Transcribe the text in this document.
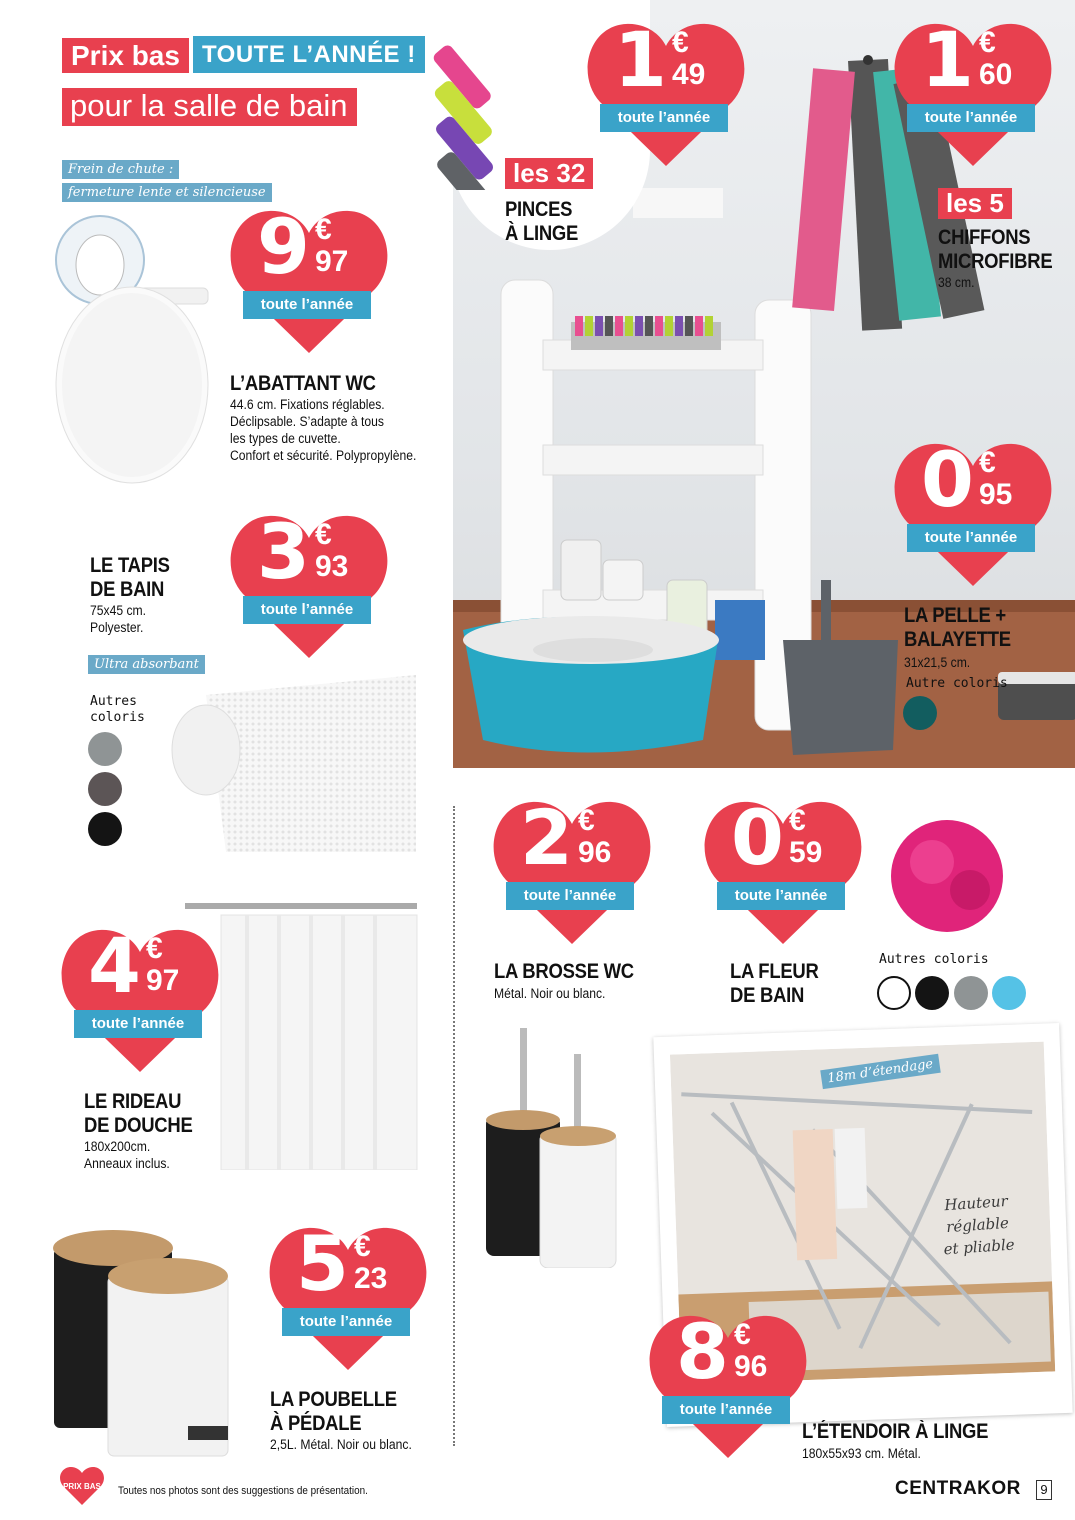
Prix bas TOUTE L’ANNÉE !
pour la salle de bain
les 32
PINCES
À LINGE
les 5
CHIFFONS
MICROFIBRE
38 cm.
LA PELLE +
BALAYETTE
31x21,5 cm.
Autre coloris
1 €
49
toute l’année
1 €
60
toute l’année
9 €
97
toute l’année
0 €
95
toute l’année
3 €
93
toute l’année
2 €
96
toute l’année
0 €
59
toute l’année
4 €
97
toute l’année
5 €
23
toute l’année
Frein de chute :
fermeture lente et silencieuse
L’ABATTANT WC
44.6 cm. Fixations réglables.
Déclipsable. S’adapte à tous
les types de cuvette.
Confort et sécurité. Polypropylène.
LE TAPIS
DE BAIN
75x45 cm.
Polyester.
Ultra absorbant
Autres
coloris
LE RIDEAU
DE DOUCHE
180x200cm.
Anneaux inclus.
LA POUBELLE
À PÉDALE
2,5L. Métal. Noir ou blanc.
LA BROSSE WC
Métal. Noir ou blanc.
LA FLEUR
DE BAIN
Autres coloris
18m d’étendage
Hauteur
réglable
et pliable
8 €
96
toute l’année
L’ÉTENDOIR À LINGE
180x55x93 cm. Métal.
PRIX BAS Toutes nos photos sont des suggestions de présentation.	CENTRAKOR	9
